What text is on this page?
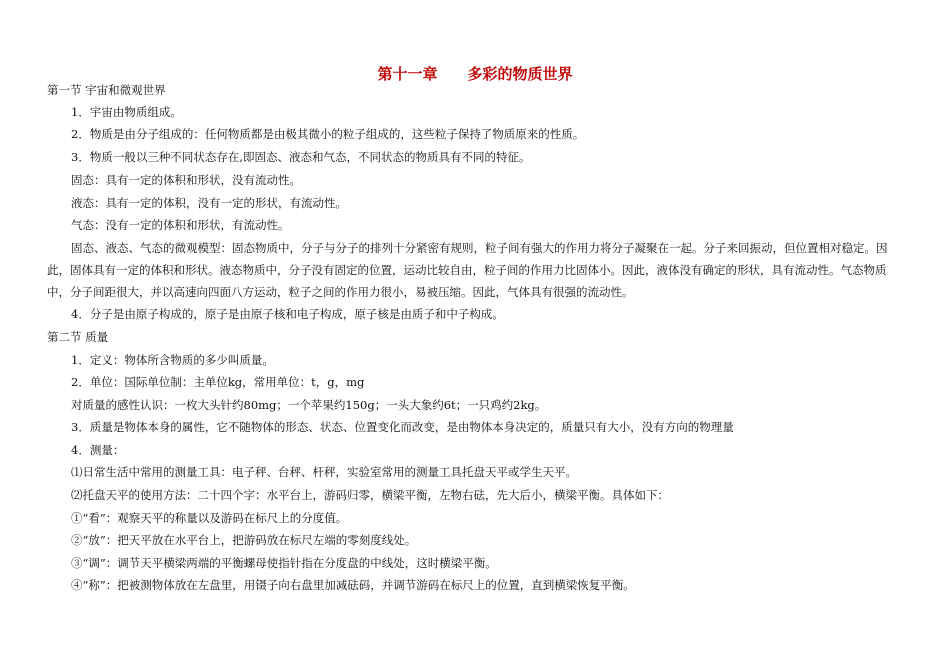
第十一章　　多彩的物质世界
第一节 宇宙和微观世界
1．宇宙由物质组成。
2．物质是由分子组成的：任何物质都是由极其微小的粒子组成的，这些粒子保持了物质原来的性质。
3．物质一般以三种不同状态存在,即固态、液态和气态，不同状态的物质具有不同的特征。
固态：具有一定的体积和形状，没有流动性。
液态：具有一定的体积，没有一定的形状，有流动性。
气态：没有一定的体积和形状，有流动性。
固态、液态、气态的微观模型：固态物质中，分子与分子的排列十分紧密有规则，粒子间有强大的作用力将分子凝聚在一起。分子来回振动，但位置相对稳定。因此，固体具有一定的体积和形状。液态物质中，分子没有固定的位置，运动比较自由，粒子间的作用力比固体小。因此，液体没有确定的形状，具有流动性。气态物质中，分子间距很大，并以高速向四面八方运动，粒子之间的作用力很小，易被压缩。因此，气体具有很强的流动性。
4．分子是由原子构成的，原子是由原子核和电子构成，原子核是由质子和中子构成。
第二节 质量
1．定义：物体所含物质的多少叫质量。
2．单位：国际单位制：主单位kg，常用单位：t，g，mg
对质量的感性认识：一枚大头针约80mg；一个苹果约150g；一头大象约6t；一只鸡约2kg。
3．质量是物体本身的属性，它不随物体的形态、状态、位置变化而改变，是由物体本身决定的，质量只有大小，没有方向的物理量
4．测量：
⑴日常生活中常用的测量工具：电子秤、台秤、杆秤，实验室常用的测量工具托盘天平或学生天平。
⑵托盘天平的使用方法：二十四个字：水平台上，游码归零，横梁平衡，左物右砝，先大后小，横梁平衡。具体如下：
①“看”：观察天平的称量以及游码在标尺上的分度值。
②“放”：把天平放在水平台上，把游码放在标尺左端的零刻度线处。
③“调”：调节天平横梁两端的平衡螺母使指针指在分度盘的中线处，这时横梁平衡。
④“称”：把被测物体放在左盘里，用镊子向右盘里加减砝码，并调节游码在标尺上的位置，直到横梁恢复平衡。
